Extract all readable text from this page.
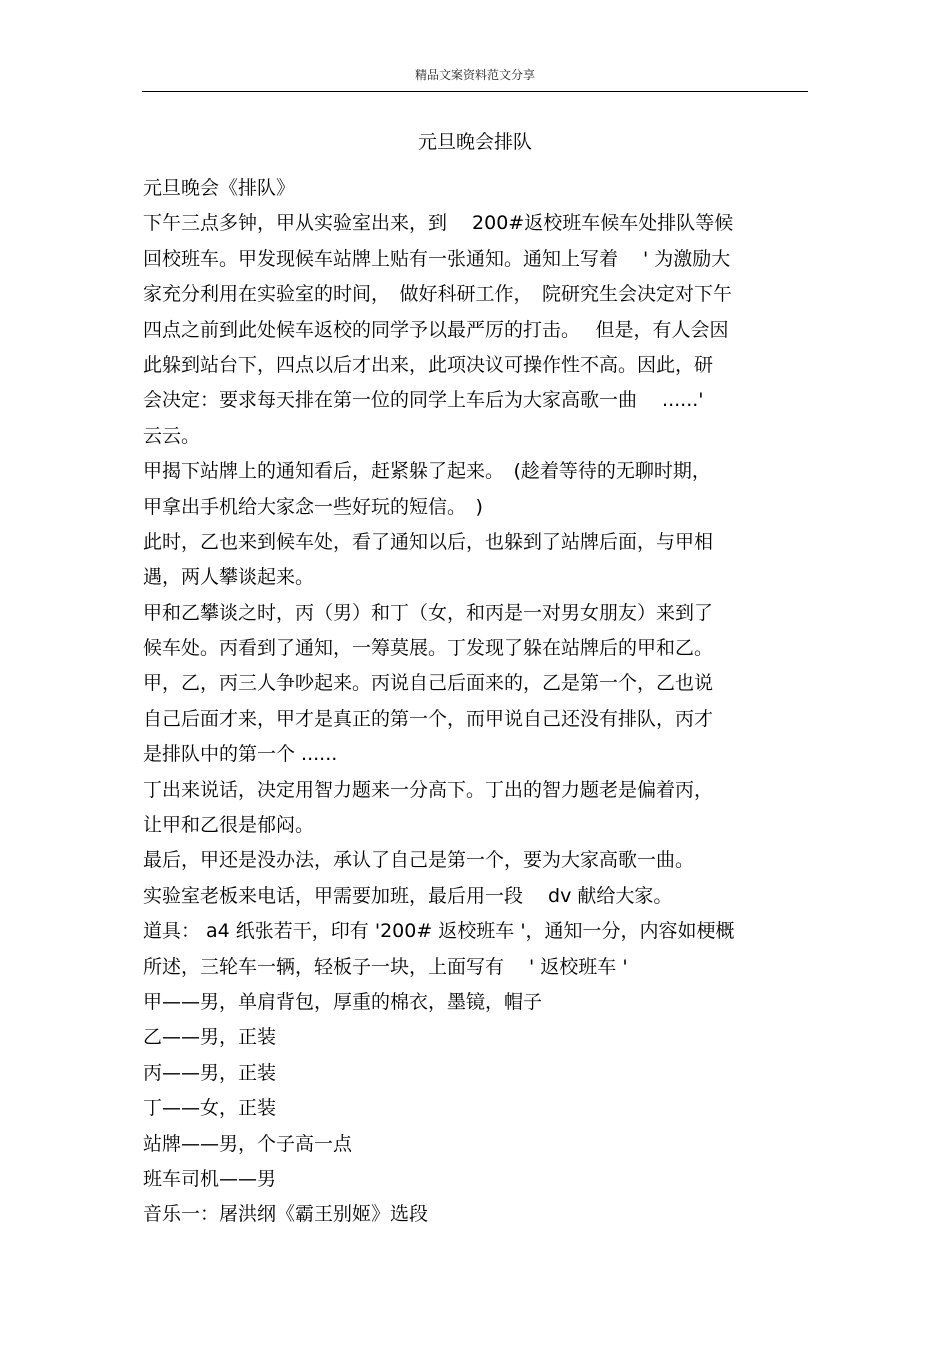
精品文案资料范文分享
元旦晚会排队
元旦晚会《排队》
下午三点多钟，甲从实验室出来，到　 200#返校班车候车处排队等候
回校班车。甲发现候车站牌上贴有一张通知。通知上写着　 ' 为激励大
家充分利用在实验室的时间，　做好科研工作，　院研究生会决定对下午
四点之前到此处候车返校的同学予以最严厉的打击。　 但是，有人会因
此躲到站台下，四点以后才出来，此项决议可操作性不高。因此，研
会决定：要求每天排在第一位的同学上车后为大家高歌一曲　 ......'
云云。
甲揭下站牌上的通知看后，赶紧躲了起来。　(趁着等待的无聊时期，
甲拿出手机给大家念一些好玩的短信。　)
此时，乙也来到候车处，看了通知以后，也躲到了站牌后面，与甲相
遇，两人攀谈起来。
甲和乙攀谈之时，丙（男）和丁（女，和丙是一对男女朋友）来到了
候车处。丙看到了通知，一筹莫展。丁发现了躲在站牌后的甲和乙。
甲，乙，丙三人争吵起来。丙说自己后面来的，乙是第一个，乙也说
自己后面才来，甲才是真正的第一个，而甲说自己还没有排队，丙才
是排队中的第一个 ......
丁出来说话，决定用智力题来一分高下。丁出的智力题老是偏着丙，
让甲和乙很是郁闷。
最后，甲还是没办法，承认了自己是第一个，要为大家高歌一曲。
实验室老板来电话，甲需要加班，最后用一段　 dv 献给大家。
道具： a4 纸张若干，印有 '200# 返校班车 '，通知一分，内容如梗概
所述，三轮车一辆，轻板子一块，上面写有　 ' 返校班车 '
甲——男，单肩背包，厚重的棉衣，墨镜，帽子
乙——男，正装
丙——男，正装
丁——女，正装
站牌——男，个子高一点
班车司机——男
音乐一：屠洪纲《霸王别姬》选段
